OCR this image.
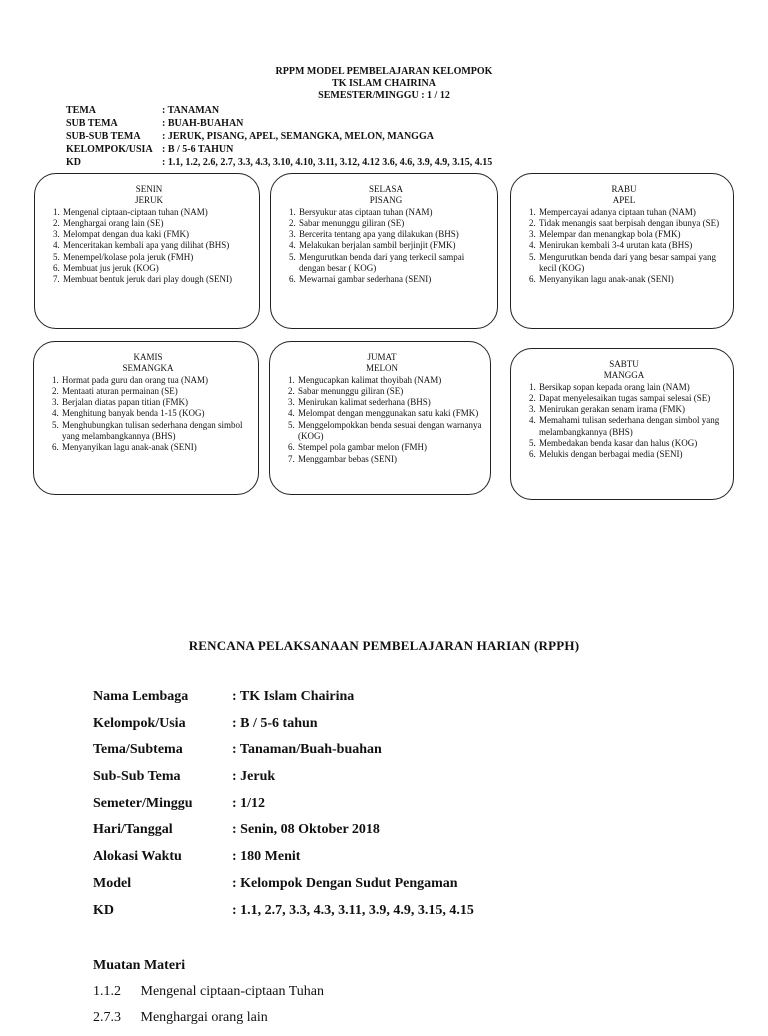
RPPM MODEL PEMBELAJARAN KELOMPOK
TK ISLAM CHAIRINA
SEMESTER/MINGGU : 1 / 12
TEMA	: TANAMAN
SUB TEMA	: BUAH-BUAHAN
SUB-SUB TEMA	: JERUK, PISANG, APEL, SEMANGKA, MELON, MANGGA
KELOMPOK/USIA : B / 5-6 TAHUN
KD	: 1.1, 1.2, 2.6, 2.7, 3.3, 4.3, 3.10, 4.10, 3.11, 3.12, 4.12 3.6, 4.6, 3.9, 4.9, 3.15, 4.15
SENIN
JERUK
1. Mengenal ciptaan-ciptaan tuhan (NAM)
2. Menghargai orang lain (SE)
3. Melompat dengan dua kaki (FMK)
4. Menceritakan kembali apa yang dilihat (BHS)
5. Menempel/kolase pola jeruk (FMH)
6. Membuat jus jeruk (KOG)
7. Membuat bentuk jeruk dari play dough (SENI)
SELASA
PISANG
1. Bersyukur atas ciptaan tuhan (NAM)
2. Sabar menunggu giliran (SE)
3. Bercerita tentang apa yang dilakukan (BHS)
4. Melakukan berjalan sambil berjinjit (FMK)
5. Mengurutkan benda dari yang terkecil sampai dengan besar ( KOG)
6. Mewarnai gambar sederhana (SENI)
RABU
APEL
1. Mempercayai adanya ciptaan tuhan (NAM)
2. Tidak menangis saat berpisah dengan ibunya (SE)
3. Melempar dan menangkap bola (FMK)
4. Menirukan kembali 3-4 urutan kata (BHS)
5. Mengurutkan benda dari yang besar sampai yang kecil (KOG)
6. Menyanyikan lagu anak-anak (SENI)
KAMIS
SEMANGKA
1. Hormat pada guru dan orang tua (NAM)
2. Mentaati aturan permainan (SE)
3. Berjalan diatas papan titian (FMK)
4. Menghitung banyak benda 1-15 (KOG)
5. Menghubungkan tulisan sederhana dengan simbol yang melambangkannya (BHS)
6. Menyanyikan lagu anak-anak (SENI)
JUMAT
MELON
1. Mengucapkan kalimat thoyibah (NAM)
2. Sabar menunggu giliran (SE)
3. Menirukan kalimat sederhana (BHS)
4. Melompat dengan menggunakan satu kaki (FMK)
5. Menggelompokkan benda sesuai dengan warnanya (KOG)
6. Stempel pola gambar melon (FMH)
7. Menggambar bebas (SENI)
SABTU
MANGGA
1. Bersikap sopan kepada orang lain (NAM)
2. Dapat menyelesaikan tugas sampai selesai (SE)
3. Menirukan gerakan senam irama (FMK)
4. Memahami tulisan sederhana dengan simbol yang melambangkannya (BHS)
5. Membedakan benda kasar dan halus (KOG)
6. Melukis dengan berbagai media (SENI)
RENCANA PELAKSANAAN PEMBELAJARAN HARIAN (RPPH)
Nama Lembaga	: TK Islam Chairina
Kelompok/Usia	: B / 5-6 tahun
Tema/Subtema	: Tanaman/Buah-buahan
Sub-Sub Tema	: Jeruk
Semeter/Minggu	: 1/12
Hari/Tanggal	: Senin, 08 Oktober 2018
Alokasi Waktu	: 180 Menit
Model	: Kelompok Dengan Sudut Pengaman
KD	: 1.1, 2.7, 3.3, 4.3, 3.11, 3.9, 4.9, 3.15, 4.15
Muatan Materi
1.1.2 Mengenal ciptaan-ciptaan Tuhan
2.7.3 Menghargai orang lain
